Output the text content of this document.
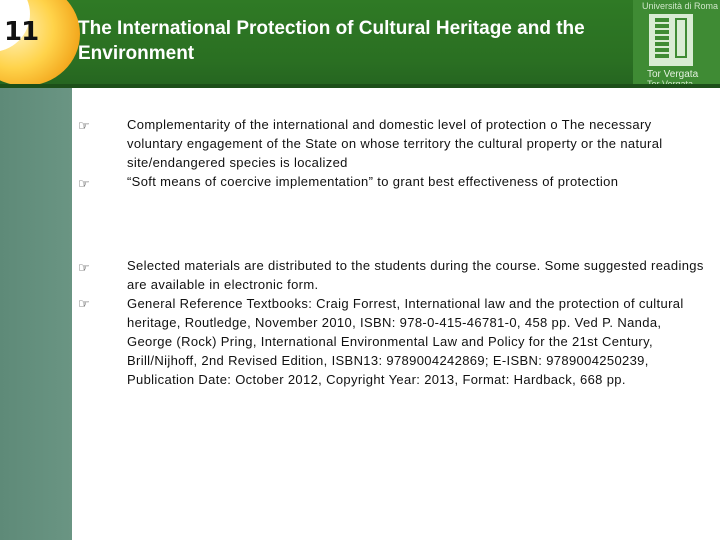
11 The International Protection of Cultural Heritage and the Environment
Università di Roma
Tor Vergata
☞	Complementarity of the international and domestic level of protection o The necessary voluntary engagement of the State on whose territory the cultural property or the natural site/endangered species is localized

☞	“Soft means of coercive implementation” to grant best effectiveness of protection

☞	Selected materials are distributed to the students during the course. Some suggested readings are available in electronic form.

☞	General Reference Textbooks: Craig Forrest, International law and the protection of cultural heritage, Routledge, November 2010, ISBN: 978-0-415-46781-0, 458 pp. Ved P. Nanda, George (Rock) Pring, International Environmental Law and Policy for the 21st Century, Brill/Nijhoff, 2nd Revised Edition, ISBN13: 9789004242869; E-ISBN: 9789004250239, Publication Date: October 2012, Copyright Year: 2013, Format: Hardback, 668 pp.
